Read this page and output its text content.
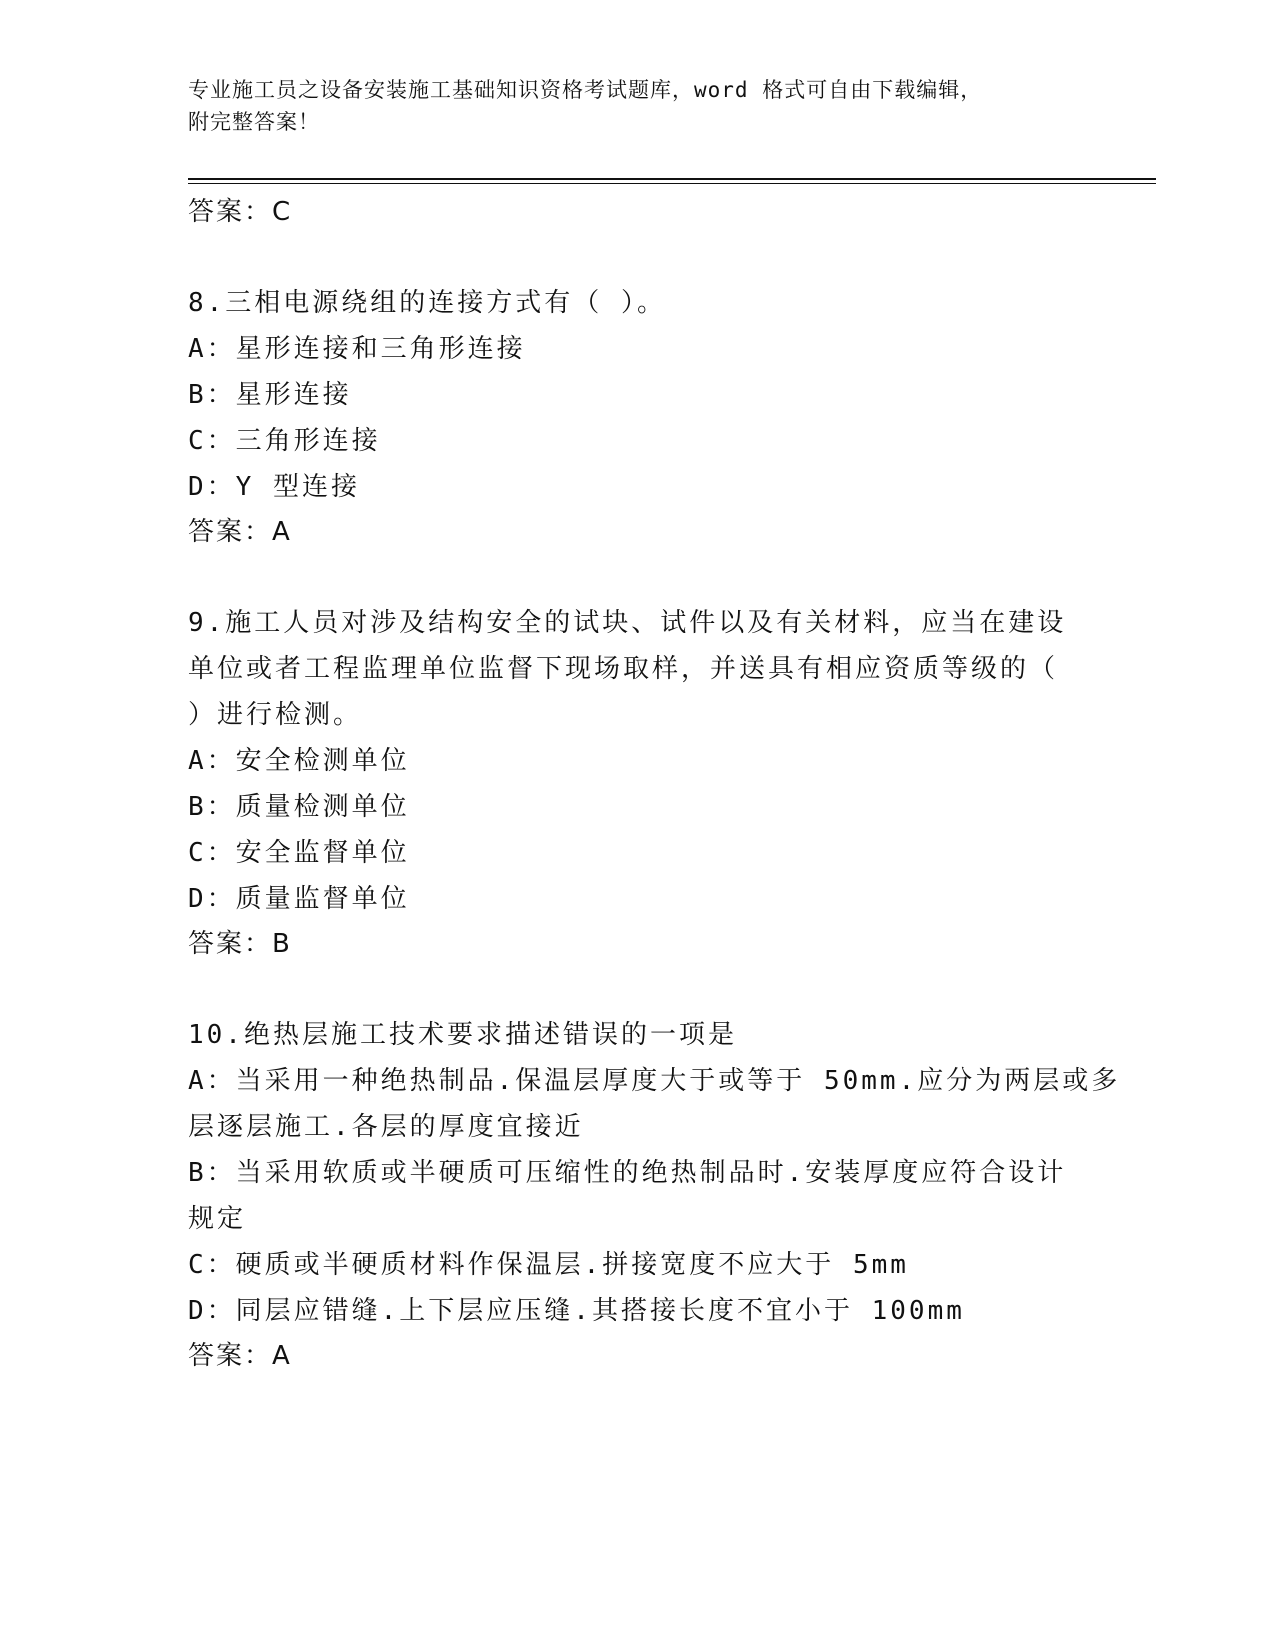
专业施工员之设备安装施工基础知识资格考试题库，word 格式可自由下载编辑，
附完整答案！

答案：C

8.三相电源绕组的连接方式有（ ）。

A：星形连接和三角形连接

B：星形连接

C：三角形连接

D：Y 型连接

答案：A

9.施工人员对涉及结构安全的试块、试件以及有关材料，应当在建设
单位或者工程监理单位监督下现场取样，并送具有相应资质等级的（
）进行检测。

A：安全检测单位

B：质量检测单位

C：安全监督单位

D：质量监督单位

答案：B

10.绝热层施工技术要求描述错误的一项是

A：当采用一种绝热制品.保温层厚度大于或等于 50mm.应分为两层或多
层逐层施工.各层的厚度宜接近

B：当采用软质或半硬质可压缩性的绝热制品时.安装厚度应符合设计
规定

C：硬质或半硬质材料作保温层.拼接宽度不应大于 5mm

D：同层应错缝.上下层应压缝.其搭接长度不宜小于 100mm

答案：A
